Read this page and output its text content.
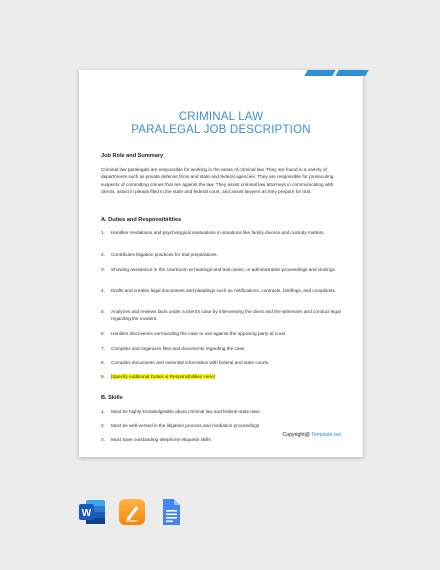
CRIMINAL LAW
PARALEGAL JOB DESCRIPTION
Job Role and Summary
Criminal law paralegals are responsible for working in the areas of criminal law. They are found in a variety of departments such as private defense firms and state and federal agencies. They are responsible for prosecuting suspects of committing crimes that are against the law. They assist criminal law attorneys in communicating with clients, assist in pleads filed in the state and federal court, and assist lawyers as they prepare for trial.
A. Duties and Responsibilities
1.	Handles mediations and psychological evaluations in situations like family divorce and custody matters.
2.	Contributes litigation practices for trial preparations.
3.	Showing assistance in the courtroom at hearings and trial cases, or administrative proceedings and closings.
4.	Drafts and creates legal documents and pleadings such as notifications, contracts, briefings, and complaints.
5.	Analyzes and reviews facts under a client's case by interviewing the client and the witnesses and conduct legal regarding the incident.
6.	Handles discoveries surrounding the case to use against the opposing party at court.
7.	Compiles and organizes files and documents regarding the case.
8.	Compiles documents and essential information with federal and state courts.
9.	[Specify Additional Duties & Responsibilities Here]
B. Skills
1.	Must be highly knowledgeable about criminal law and federal-state laws
2.	Must be well-versed in the litigation process and mediation proceedings
3.	Must have outstanding telephone etiquette skills
Copyright@ Template.net
W
